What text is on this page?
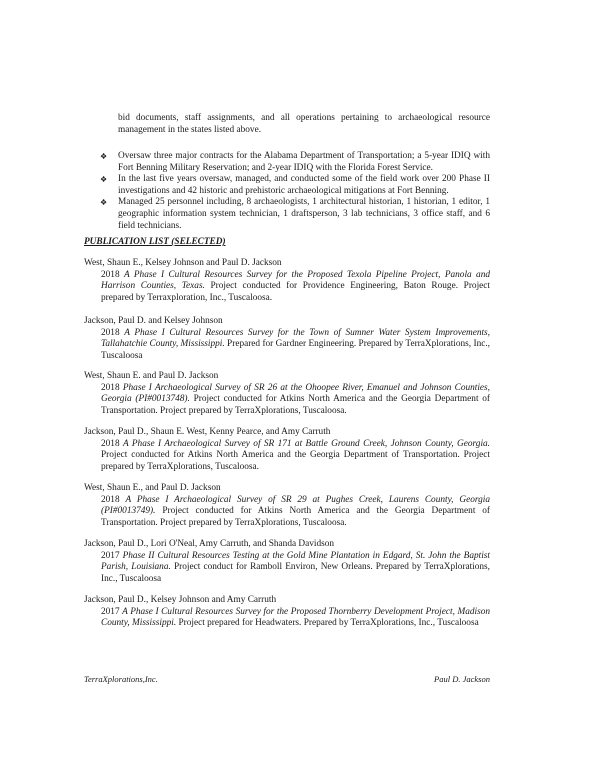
bid documents, staff assignments, and all operations pertaining to archaeological resource management in the states listed above.
❖ Oversaw three major contracts for the Alabama Department of Transportation; a 5-year IDIQ with Fort Benning Military Reservation; and 2-year IDIQ with the Florida Forest Service.
❖ In the last five years oversaw, managed, and conducted some of the field work over 200 Phase II investigations and 42 historic and prehistoric archaeological mitigations at Fort Benning.
❖ Managed 25 personnel including, 8 archaeologists, 1 architectural historian, 1 historian, 1 editor, 1 geographic information system technician, 1 draftsperson, 3 lab technicians, 3 office staff, and 6 field technicians.
PUBLICATION LIST (SELECTED)
West, Shaun E., Kelsey Johnson and Paul D. Jackson
2018 A Phase I Cultural Resources Survey for the Proposed Texola Pipeline Project, Panola and Harrison Counties, Texas. Project conducted for Providence Engineering, Baton Rouge. Project prepared by Terraxploration, Inc., Tuscaloosa.
Jackson, Paul D. and Kelsey Johnson
2018 A Phase I Cultural Resources Survey for the Town of Sumner Water System Improvements, Tallahatchie County, Mississippi. Prepared for Gardner Engineering. Prepared by TerraXplorations, Inc., Tuscaloosa
West, Shaun E. and Paul D. Jackson
2018 Phase I Archaeological Survey of SR 26 at the Ohoopee River, Emanuel and Johnson Counties, Georgia (PI#0013748). Project conducted for Atkins North America and the Georgia Department of Transportation. Project prepared by TerraXplorations, Tuscaloosa.
Jackson, Paul D., Shaun E. West, Kenny Pearce, and Amy Carruth
2018 A Phase I Archaeological Survey of SR 171 at Battle Ground Creek, Johnson County, Georgia. Project conducted for Atkins North America and the Georgia Department of Transportation. Project prepared by TerraXplorations, Tuscaloosa.
West, Shaun E., and Paul D. Jackson
2018 A Phase I Archaeological Survey of SR 29 at Pughes Creek, Laurens County, Georgia (PI#0013749). Project conducted for Atkins North America and the Georgia Department of Transportation. Project prepared by TerraXplorations, Tuscaloosa.
Jackson, Paul D., Lori O'Neal, Amy Carruth, and Shanda Davidson
2017 Phase II Cultural Resources Testing at the Gold Mine Plantation in Edgard, St. John the Baptist Parish, Louisiana. Project conduct for Ramboll Environ, New Orleans. Prepared by TerraXplorations, Inc., Tuscaloosa
Jackson, Paul D., Kelsey Johnson and Amy Carruth
2017 A Phase I Cultural Resources Survey for the Proposed Thornberry Development Project, Madison County, Mississippi. Project prepared for Headwaters. Prepared by TerraXplorations, Inc., Tuscaloosa
TerraXplorations,Inc.	Paul D. Jackson
